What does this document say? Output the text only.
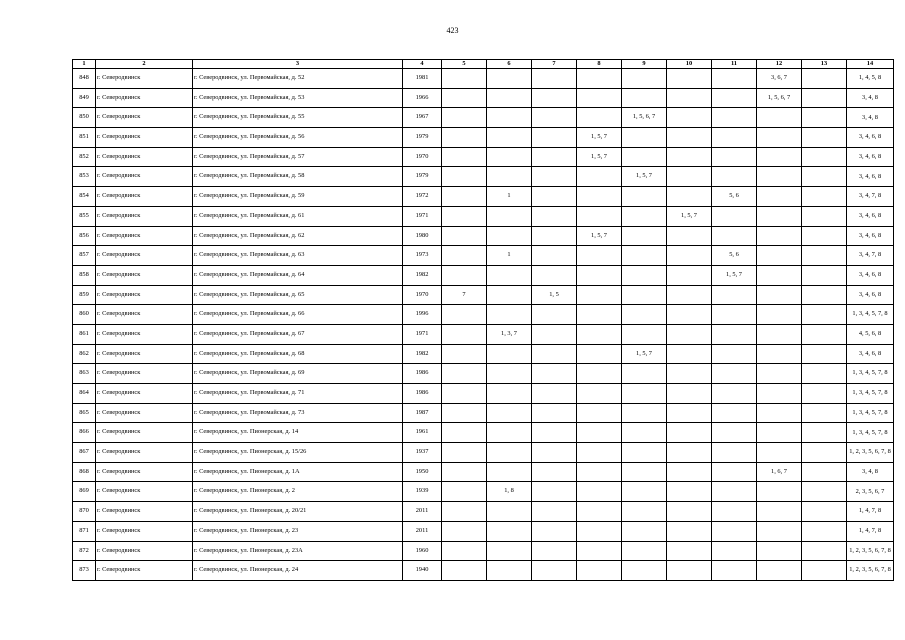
423
1	2	3	4	5	6	7	8	9	10	11	12	13	14
848	г. Северодвинск	г. Северодвинск, ул. Первомайская, д. 52	1981								3, 6, 7		1, 4, 5, 8
849	г. Северодвинск	г. Северодвинск, ул. Первомайская, д. 53	1966								1, 5, 6, 7		3, 4, 8
850	г. Северодвинск	г. Северодвинск, ул. Первомайская, д. 55	1967					1, 5, 6, 7					3, 4, 8
851	г. Северодвинск	г. Северодвинск, ул. Первомайская, д. 56	1979				1, 5, 7						3, 4, 6, 8
852	г. Северодвинск	г. Северодвинск, ул. Первомайская, д. 57	1970				1, 5, 7						3, 4, 6, 8
853	г. Северодвинск	г. Северодвинск, ул. Первомайская, д. 58	1979					1, 5, 7					3, 4, 6, 8
854	г. Северодвинск	г. Северодвинск, ул. Первомайская, д. 59	1972		1					5, 6			3, 4, 7, 8
855	г. Северодвинск	г. Северодвинск, ул. Первомайская, д. 61	1971						1, 5, 7				3, 4, 6, 8
856	г. Северодвинск	г. Северодвинск, ул. Первомайская, д. 62	1980				1, 5, 7						3, 4, 6, 8
857	г. Северодвинск	г. Северодвинск, ул. Первомайская, д. 63	1973		1					5, 6			3, 4, 7, 8
858	г. Северодвинск	г. Северодвинск, ул. Первомайская, д. 64	1982							1, 5, 7			3, 4, 6, 8
859	г. Северодвинск	г. Северодвинск, ул. Первомайская, д. 65	1970	7		1, 5							3, 4, 6, 8
860	г. Северодвинск	г. Северодвинск, ул. Первомайская, д. 66	1996										1, 3, 4, 5, 7, 8
861	г. Северодвинск	г. Северодвинск, ул. Первомайская, д. 67	1971		1, 3, 7								4, 5, 6, 8
862	г. Северодвинск	г. Северодвинск, ул. Первомайская, д. 68	1982					1, 5, 7					3, 4, 6, 8
863	г. Северодвинск	г. Северодвинск, ул. Первомайская, д. 69	1986										1, 3, 4, 5, 7, 8
864	г. Северодвинск	г. Северодвинск, ул. Первомайская, д. 71	1986										1, 3, 4, 5, 7, 8
865	г. Северодвинск	г. Северодвинск, ул. Первомайская, д. 73	1987										1, 3, 4, 5, 7, 8
866	г. Северодвинск	г. Северодвинск, ул. Пионерская, д. 14	1961										1, 3, 4, 5, 7, 8
867	г. Северодвинск	г. Северодвинск, ул. Пионерская, д. 15/26	1937										1, 2, 3, 5, 6, 7, 8
868	г. Северодвинск	г. Северодвинск, ул. Пионерская, д. 1А	1950								1, 6, 7		3, 4, 8
869	г. Северодвинск	г. Северодвинск, ул. Пионерская, д. 2	1939		1, 8								2, 3, 5, 6, 7
870	г. Северодвинск	г. Северодвинск, ул. Пионерская, д. 20/21	2011										1, 4, 7, 8
871	г. Северодвинск	г. Северодвинск, ул. Пионерская, д. 23	2011										1, 4, 7, 8
872	г. Северодвинск	г. Северодвинск, ул. Пионерская, д. 23А	1960										1, 2, 3, 5, 6, 7, 8
873	г. Северодвинск	г. Северодвинск, ул. Пионерская, д. 24	1940										1, 2, 3, 5, 6, 7, 8
